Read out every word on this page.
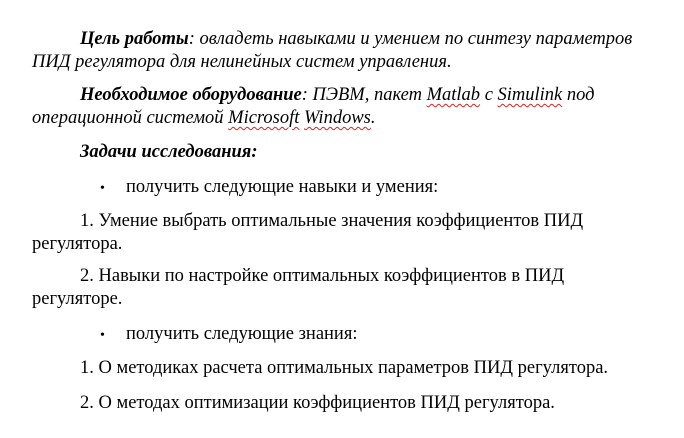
Цель работы: овладеть навыками и умением по синтезу параметров
ПИД регулятора для нелинейных систем управления.

Необходимое оборудование: ПЭВМ, пакет Matlab с Simulink под
операционной системой Microsoft Windows.

Задачи исследования:

• получить следующие навыки и умения:

1. Умение выбрать оптимальные значения коэффициентов ПИД
регулятора.

2. Навыки по настройке оптимальных коэффициентов в ПИД
регуляторе.

• получить следующие знания:

1. О методиках расчета оптимальных параметров ПИД регулятора.

2. О методах оптимизации коэффициентов ПИД регулятора.
